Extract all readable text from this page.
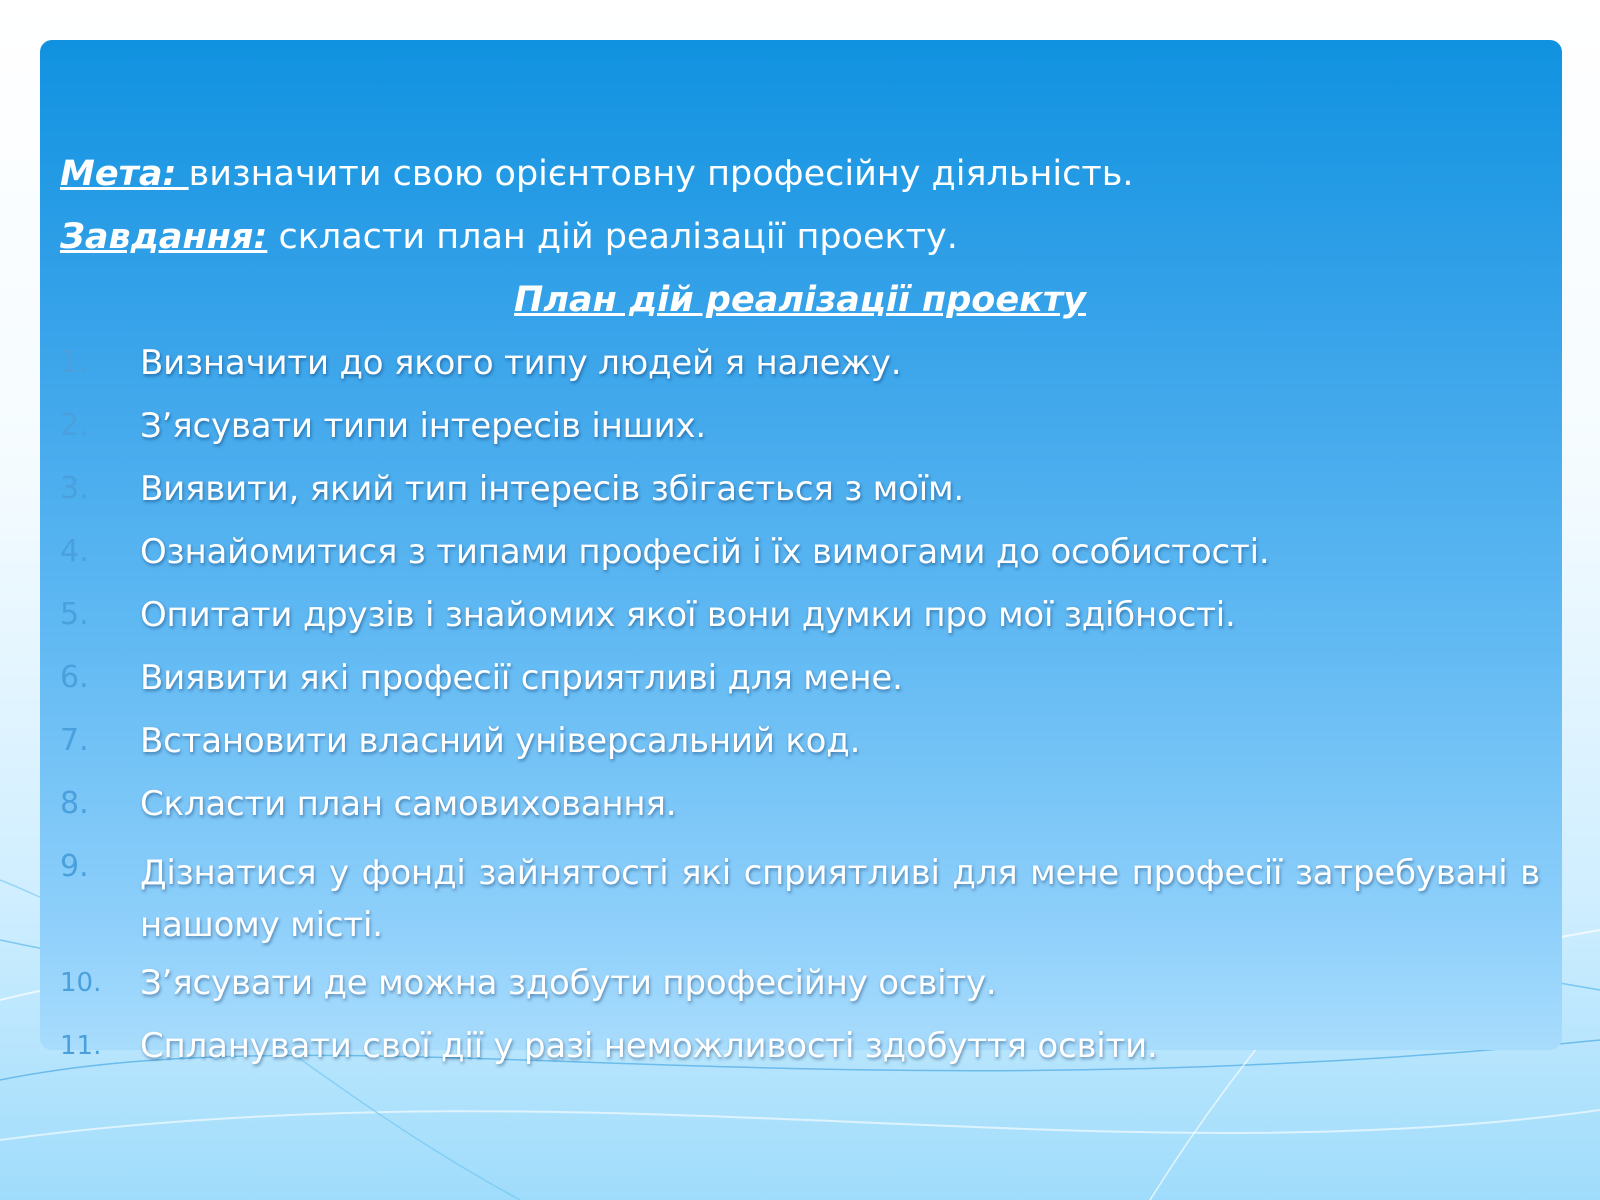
Мета: визначити свою орієнтовну професійну діяльність.

Завдання: скласти план дій реалізації проекту.

План дій реалізації проекту

1.	Визначити до якого типу людей я належу.
2.	З’ясувати типи інтересів інших.
3.	Виявити, який тип інтересів збігається з моїм.
4.	Ознайомитися з типами професій і їх вимогами до особистості.
5.	Опитати друзів і знайомих якої вони думки про мої здібності.
6.	Виявити які професії сприятливі для мене.
7.	Встановити власний універсальний код.
8.	Скласти план самовиховання.
9.	Дізнатися у фонді зайнятості які сприятливі для мене професії затребувані в нашому місті.
10.	З’ясувати де можна здобути професійну освіту.
11.	Спланувати свої дії у разі неможливості здобуття освіти.
